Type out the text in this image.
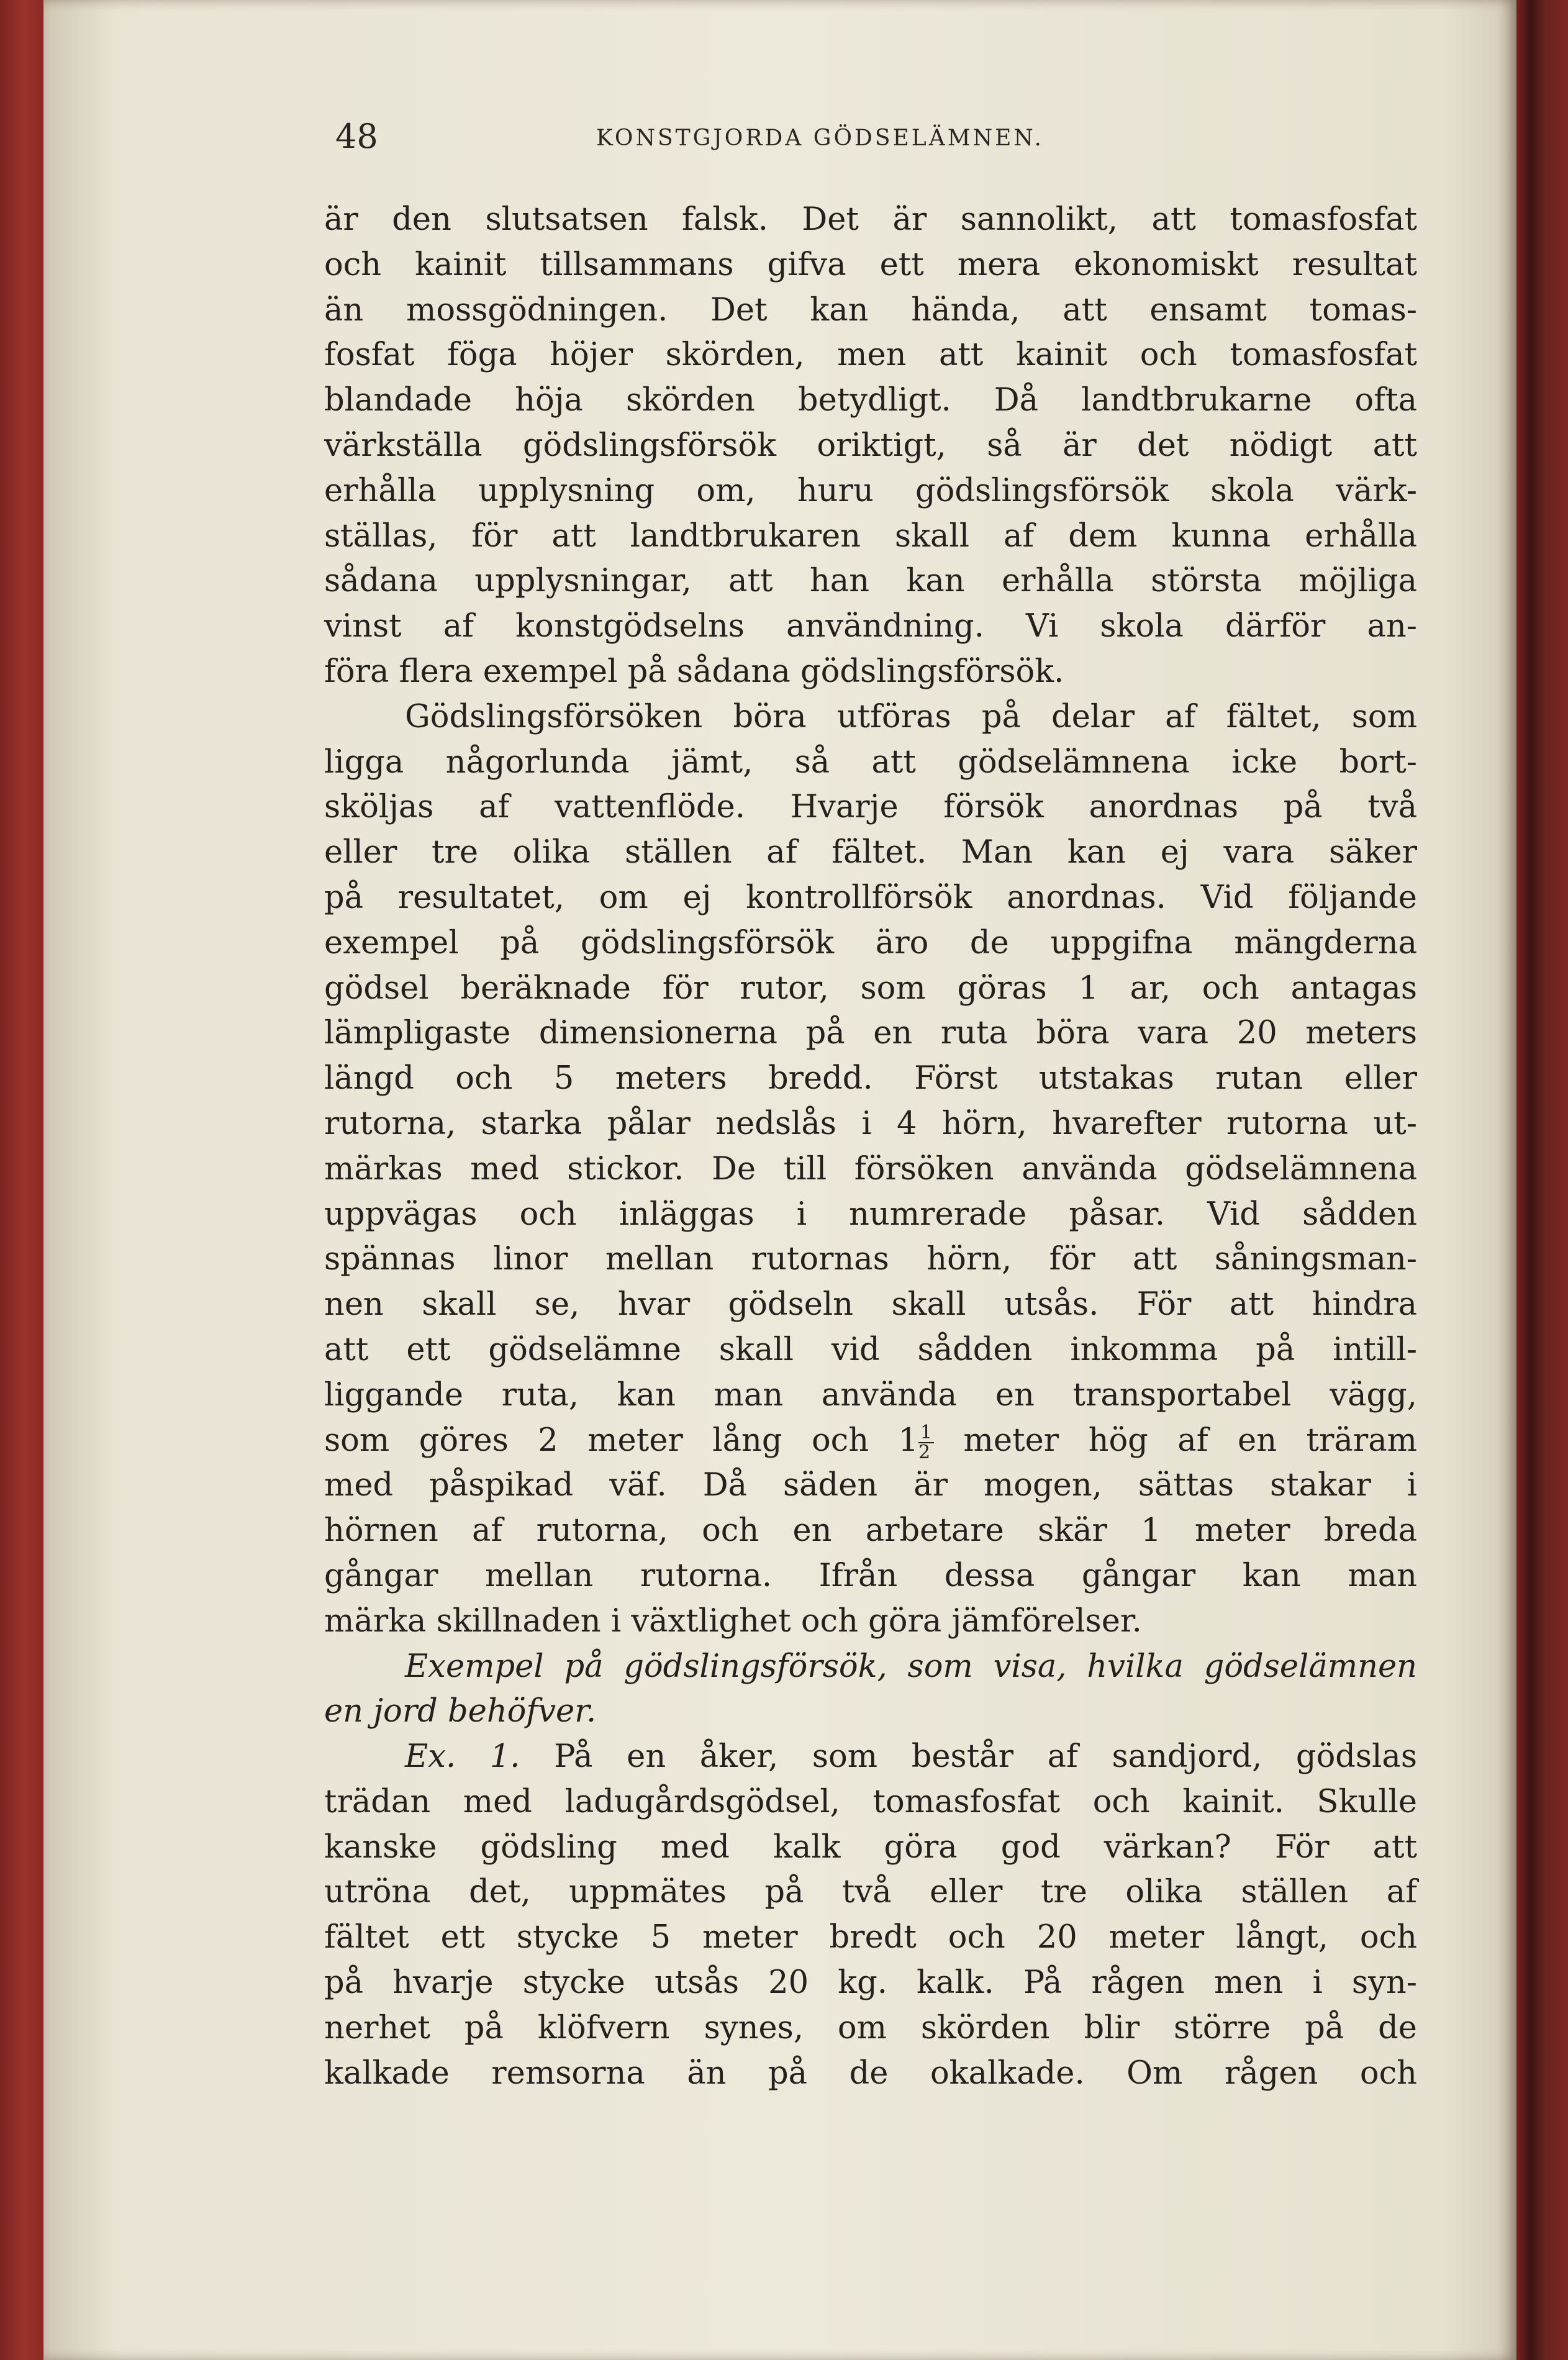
48	KONSTGJORDA GÖDSELÄMNEN.
är den slutsatsen falsk. Det är sannolikt, att tomasfosfat
och kainit tillsammans gifva ett mera ekonomiskt resultat
än mossgödningen. Det kan hända, att ensamt tomas-
fosfat föga höjer skörden, men att kainit och tomasfosfat
blandade höja skörden betydligt. Då landtbrukarne ofta
värkställa gödslingsförsök oriktigt, så är det nödigt att
erhålla upplysning om, huru gödslingsförsök skola värk-
ställas, för att landtbrukaren skall af dem kunna erhålla
sådana upplysningar, att han kan erhålla största möjliga
vinst af konstgödselns användning. Vi skola därför an-
föra flera exempel på sådana gödslingsförsök.
Gödslingsförsöken böra utföras på delar af fältet, som
ligga någorlunda jämt, så att gödselämnena icke bort-
sköljas af vattenflöde. Hvarje försök anordnas på två
eller tre olika ställen af fältet. Man kan ej vara säker
på resultatet, om ej kontrollförsök anordnas. Vid följande
exempel på gödslingsförsök äro de uppgifna mängderna
gödsel beräknade för rutor, som göras 1 ar, och antagas
lämpligaste dimensionerna på en ruta böra vara 20 meters
längd och 5 meters bredd. Först utstakas rutan eller
rutorna, starka pålar nedslås i 4 hörn, hvarefter rutorna ut-
märkas med stickor. De till försöken använda gödselämnena
uppvägas och inläggas i numrerade påsar. Vid sådden
spännas linor mellan rutornas hörn, för att såningsman-
nen skall se, hvar gödseln skall utsås. För att hindra
att ett gödselämne skall vid sådden inkomma på intill-
liggande ruta, kan man använda en transportabel vägg,
som göres 2 meter lång och $1 \frac{1}{2}$ meter hög af en träram
med påspikad väf. Då säden är mogen, sättas stakar i
hörnen af rutorna, och en arbetare skär 1 meter breda
gångar mellan rutorna. Ifrån dessa gångar kan man
märka skillnaden i växtlighet och göra jämförelser.
Exempel på gödslingsförsök, som visa, hvilka gödselämnen
en jord behöfver.
Ex. 1. På en åker, som består af sandjord, gödslas
trädan med ladugårdsgödsel, tomasfosfat och kainit. Skulle
kanske gödsling med kalk göra god värkan? För att
utröna det, uppmätes på två eller tre olika ställen af
fältet ett stycke 5 meter bredt och 20 meter långt, och
på hvarje stycke utsås 20 kg. kalk. På rågen men i syn-
nerhet på klöfvern synes, om skörden blir större på de
kalkade remsorna än på de okalkade. Om rågen och
